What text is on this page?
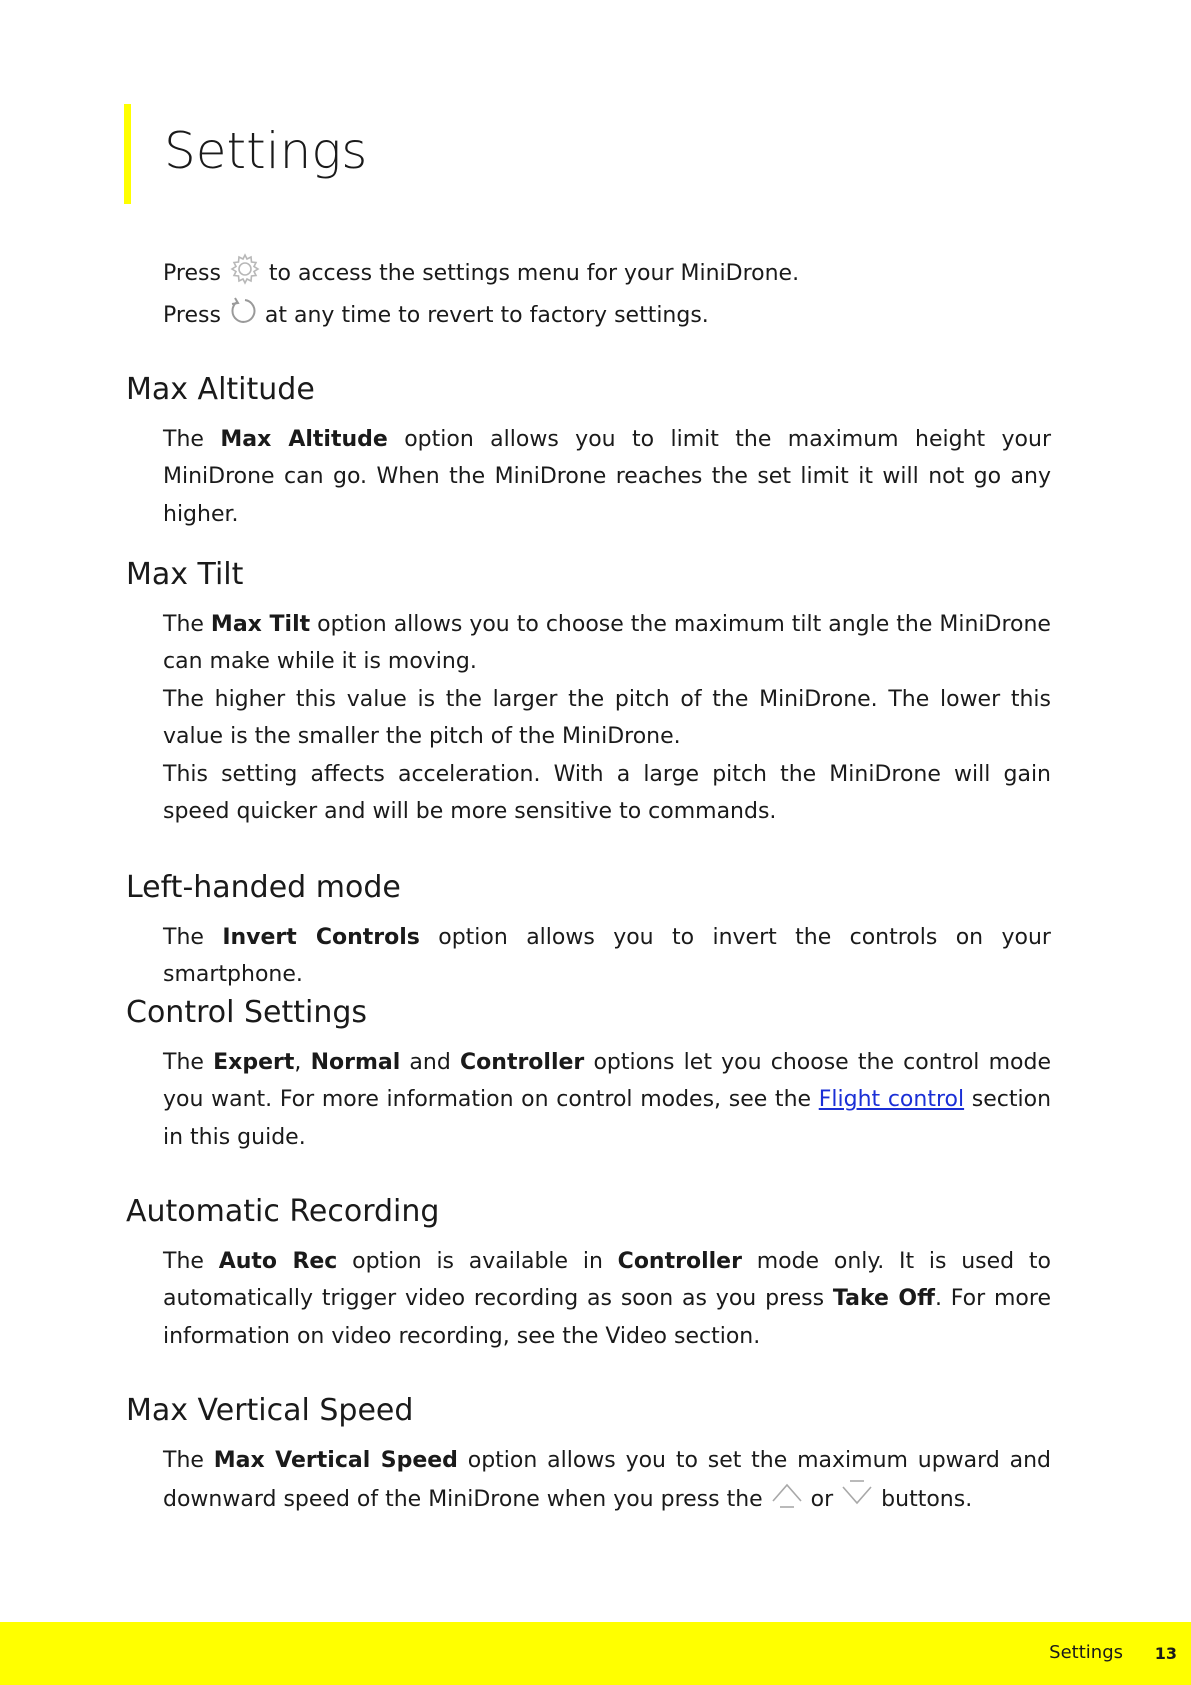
Settings

Press  to access the settings menu for your MiniDrone.

Press  at any time to revert to factory settings.

Max Altitude

The Max Altitude option allows you to limit the maximum height your MiniDrone can go. When the MiniDrone reaches the set limit it will not go any higher.

Max Tilt

The Max Tilt option allows you to choose the maximum tilt angle the MiniDrone can make while it is moving.

The higher this value is the larger the pitch of the MiniDrone. The lower this value is the smaller the pitch of the MiniDrone.

This setting affects acceleration. With a large pitch the MiniDrone will gain speed quicker and will be more sensitive to commands.

Left-handed mode

The Invert Controls option allows you to invert the controls on your smartphone.

Control Settings

The Expert, Normal and Controller options let you choose the control mode you want. For more information on control modes, see the Flight control section in this guide.

Automatic Recording

The Auto Rec option is available in Controller mode only. It is used to automatically trigger video recording as soon as you press Take Off. For more information on video recording, see the Video section.

Max Vertical Speed

The Max Vertical Speed option allows you to set the maximum upward and downward speed of the MiniDrone when you press the  or  buttons.

Settings 13
